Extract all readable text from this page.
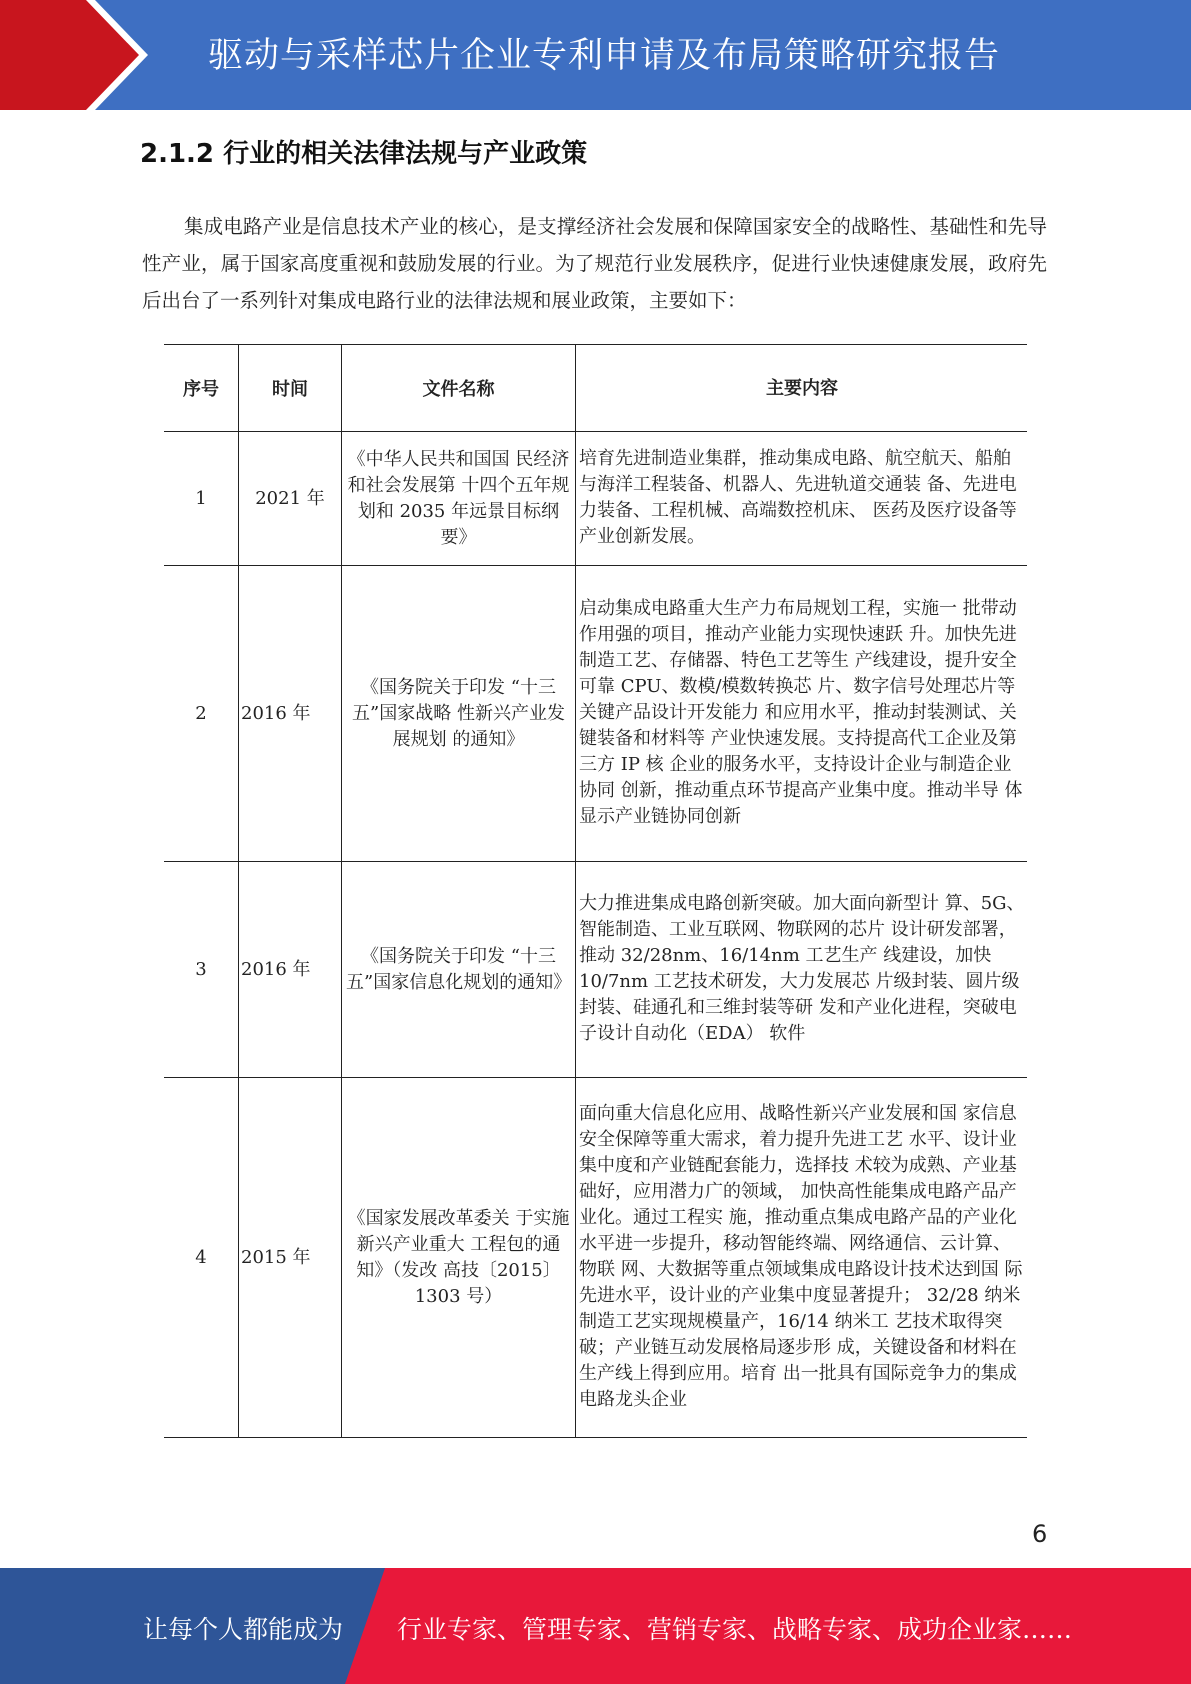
驱动与采样芯片企业专利申请及布局策略研究报告
2.1.2 行业的相关法律法规与产业政策

集成电路产业是信息技术产业的核心，是支撑经济社会发展和保障国家安全的战略性、基础性和先导性产业，属于国家高度重视和鼓励发展的行业。为了规范行业发展秩序，促进行业快速健康发展，政府先后出台了一系列针对集成电路行业的法律法规和展业政策，主要如下：

序号	时间	文件名称	主要内容
1	2021 年	《中华人民共和国国 民经济和社会发展第 十四个五年规划和 2035 年远景目标纲要》	培育先进制造业集群，推动集成电路、航空航天、船舶与海洋工程装备、机器人、先进轨道交通装 备、先进电力装备、工程机械、高端数控机床、 医药及医疗设备等产业创新发展。
2	2016 年	《国务院关于印发 “十三五”国家战略 性新兴产业发展规划 的通知》	启动集成电路重大生产力布局规划工程，实施一 批带动作用强的项目，推动产业能力实现快速跃 升。加快先进制造工艺、存储器、特色工艺等生 产线建设，提升安全可靠 CPU、数模/模数转换芯 片、数字信号处理芯片等关键产品设计开发能力 和应用水平，推动封装测试、关键装备和材料等 产业快速发展。支持提高代工企业及第三方 IP 核 企业的服务水平，支持设计企业与制造企业协同 创新，推动重点环节提高产业集中度。推动半导 体显示产业链协同创新
3	2016 年	《国务院关于印发 “十三五”国家信息化规划的通知》	大力推进集成电路创新突破。加大面向新型计 算、5G、智能制造、工业互联网、物联网的芯片 设计研发部署，推动 32/28nm、16/14nm 工艺生产 线建设，加快 10/7nm 工艺技术研发，大力发展芯 片级封装、圆片级封装、硅通孔和三维封装等研 发和产业化进程，突破电子设计自动化（EDA） 软件
4	2015 年	《国家发展改革委关 于实施新兴产业重大 工程包的通知》（发改 高技〔2015〕 1303 号）	面向重大信息化应用、战略性新兴产业发展和国 家信息安全保障等重大需求，着力提升先进工艺 水平、设计业集中度和产业链配套能力，选择技 术较为成熟、产业基础好，应用潜力广的领域， 加快高性能集成电路产品产业化。通过工程实 施，推动重点集成电路产品的产业化水平进一步提升，移动智能终端、网络通信、云计算、物联 网、大数据等重点领域集成电路设计技术达到国 际先进水平，设计业的产业集中度显著提升； 32/28 纳米制造工艺实现规模量产，16/14 纳米工 艺技术取得突破；产业链互动发展格局逐步形 成，关键设备和材料在生产线上得到应用。培育 出一批具有国际竞争力的集成电路龙头企业
6
让每个人都能成为 行业专家、管理专家、营销专家、战略专家、成功企业家……
